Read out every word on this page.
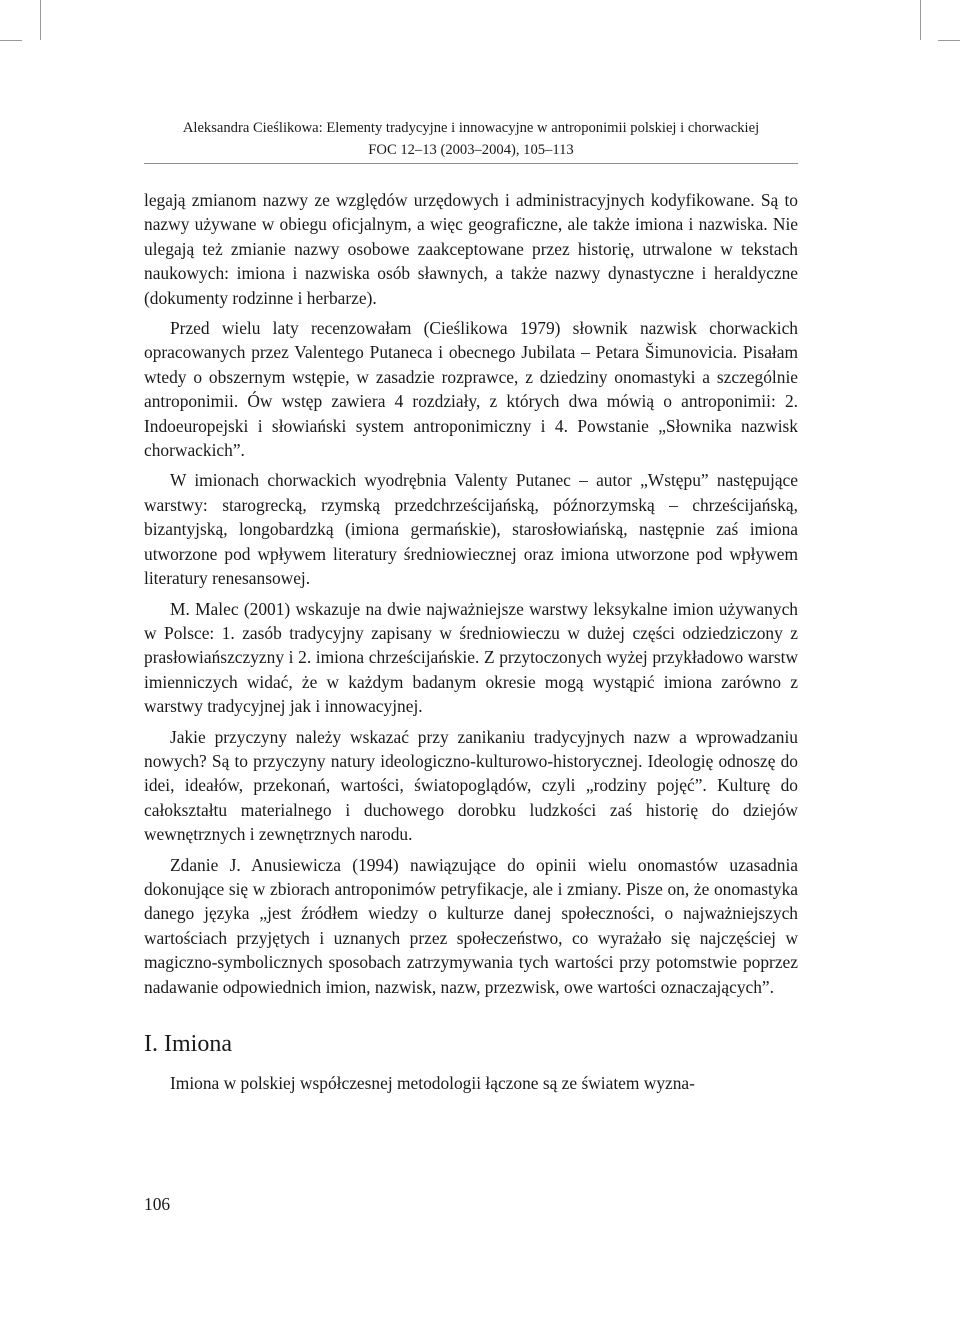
Aleksandra Cieślikowa: Elementy tradycyjne i innowacyjne w antroponimii polskiej i chorwackiej
FOC 12–13 (2003–2004), 105–113

legają zmianom nazwy ze względów urzędowych i administracyjnych kodyfikowane. Są to nazwy używane w obiegu oficjalnym, a więc geograficzne, ale także imiona i nazwiska. Nie ulegają też zmianie nazwy osobowe zaakceptowane przez historię, utrwalone w tekstach naukowych: imiona i nazwiska osób sławnych, a także nazwy dynastyczne i heraldyczne (dokumenty rodzinne i herbarze).

Przed wielu laty recenzowałam (Cieślikowa 1979) słownik nazwisk chorwackich opracowanych przez Valentego Putaneca i obecnego Jubilata – Petara Šimunovicia. Pisałam wtedy o obszernym wstępie, w zasadzie rozprawce, z dziedziny onomastyki a szczególnie antroponimii. Ów wstęp zawiera 4 rozdziały, z których dwa mówią o antroponimii: 2. Indoeuropejski i słowiański system antroponimiczny i 4. Powstanie „Słownika nazwisk chorwackich”.

W imionach chorwackich wyodrębnia Valenty Putanec – autor „Wstępu” następujące warstwy: starogrecką, rzymską przedchrześcijańską, późnorzymską – chrześcijańską, bizantyjską, longobardzką (imiona germańskie), starosłowiańską, następnie zaś imiona utworzone pod wpływem literatury średniowiecznej oraz imiona utworzone pod wpływem literatury renesansowej.

M. Malec (2001) wskazuje na dwie najważniejsze warstwy leksykalne imion używanych w Polsce: 1. zasób tradycyjny zapisany w średniowieczu w dużej części odziedziczony z prasłowiańszczyzny i 2. imiona chrześcijańskie. Z przytoczonych wyżej przykładowo warstw imienniczych widać, że w każdym badanym okresie mogą wystąpić imiona zarówno z warstwy tradycyjnej jak i innowacyjnej.

Jakie przyczyny należy wskazać przy zanikaniu tradycyjnych nazw a wprowadzaniu nowych? Są to przyczyny natury ideologiczno-kulturowo-historycznej. Ideologię odnoszę do idei, ideałów, przekonań, wartości, światopoglądów, czyli „rodziny pojęć”. Kulturę do całokształtu materialnego i duchowego dorobku ludzkości zaś historię do dziejów wewnętrznych i zewnętrznych narodu.

Zdanie J. Anusiewicza (1994) nawiązujące do opinii wielu onomastów uzasadnia dokonujące się w zbiorach antroponimów petryfikacje, ale i zmiany. Pisze on, że onomastyka danego języka „jest źródłem wiedzy o kulturze danej społeczności, o najważniejszych wartościach przyjętych i uznanych przez społeczeństwo, co wyrażało się najczęściej w magiczno-symbolicznych sposobach zatrzymywania tych wartości przy potomstwie poprzez nadawanie odpowiednich imion, nazwisk, nazw, przezwisk, owe wartości oznaczających”.

I. Imiona

Imiona w polskiej współczesnej metodologii łączone są ze światem wyzna-

106
